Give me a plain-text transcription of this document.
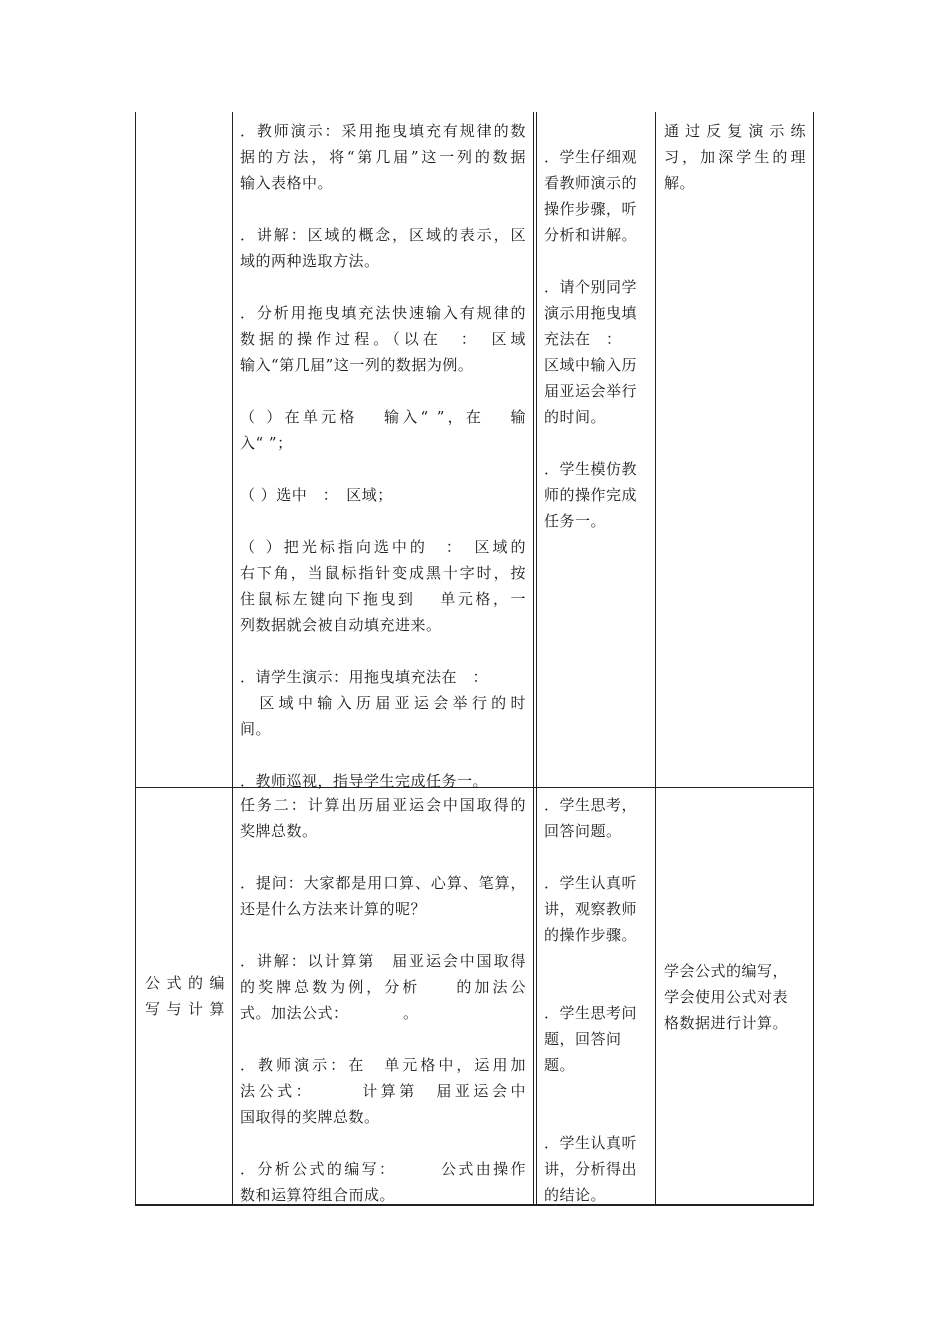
．教师演示：采用拖曳填充有规律的数

据的方法，将“第几届”这一列的数据

输入表格中。

．讲解：区域的概念，区域的表示，区

域的两种选取方法。

．分析用拖曳填充法快速输入有规律的

数据的操作过程。（以在　：　区域

输入“第几届”这一列的数据为例。

（ ）在单元格　 输入“ ”，在　 输

入“ ”；

（ ）选中　：　区域；

（ ）把光标指向选中的　：　区域的

右下角，当鼠标指针变成黑十字时，按

住鼠标左键向下拖曳到　 单元格，一

列数据就会被自动填充进来。

．请学生演示：用拖曳填充法在　：

　区域中输入历届亚运会举行的时

间。

．教师巡视，指导学生完成任务一。

．学生仔细观

看教师演示的

操作步骤，听

分析和讲解。

．请个别同学

演示用拖曳填

充法在　：

区域中输入历

届亚运会举行

的时间。

．学生模仿教

师的操作完成

任务一。

通过反复演示练

习，加深学生的理

解。

公式的编

写与计算

任务二：计算出历届亚运会中国取得的

奖牌总数。

．提问：大家都是用口算、心算、笔算，

还是什么方法来计算的呢？

．讲解：以计算第　届亚运会中国取得

的奖牌总数为例，分析　　的加法公

式。加法公式：　　　　。

．教师演示：在　单元格中，运用加

法公式：　　　计算第　届亚运会中

国取得的奖牌总数。

．分析公式的编写：　　　公式由操作

数和运算符组合而成。

．学生思考，

回答问题。

．学生认真听

讲，观察教师

的操作步骤。

．学生思考问

题，回答问题。

．学生认真听

讲，分析得出

的结论。

学会公式的编写，

学会使用公式对表

格数据进行计算。
